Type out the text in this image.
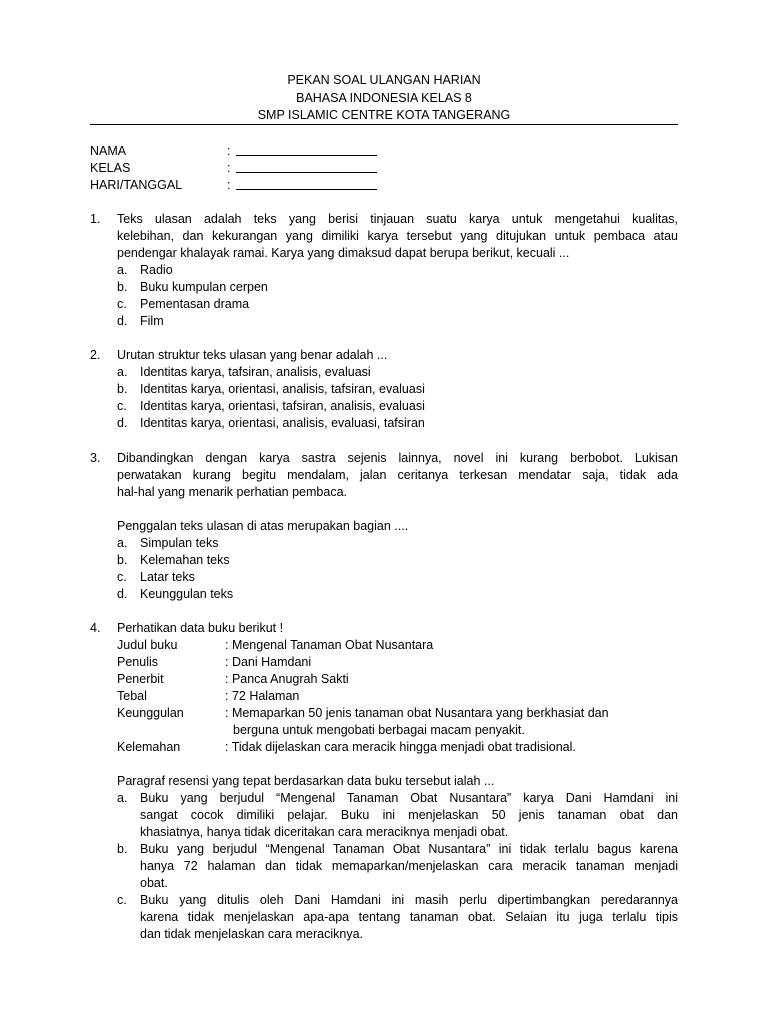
PEKAN SOAL ULANGAN HARIAN
BAHASA INDONESIA KELAS 8
SMP ISLAMIC CENTRE KOTA TANGERANG
NAMA	:
KELAS	:
HARI/TANGGAL	:
1. Teks ulasan adalah teks yang berisi tinjauan suatu karya untuk mengetahui kualitas,
kelebihan, dan kekurangan yang dimiliki karya tersebut yang ditujukan untuk pembaca atau
pendengar khalayak ramai. Karya yang dimaksud dapat berupa berikut, kecuali ...
a. Radio
b. Buku kumpulan cerpen
c. Pementasan drama
d. Film
2. Urutan struktur teks ulasan yang benar adalah ...
a. Identitas karya, tafsiran, analisis, evaluasi
b. Identitas karya, orientasi, analisis, tafsiran, evaluasi
c. Identitas karya, orientasi, tafsiran, analisis, evaluasi
d. Identitas karya, orientasi, analisis, evaluasi, tafsiran
3. Dibandingkan dengan karya sastra sejenis lainnya, novel ini kurang berbobot. Lukisan
perwatakan kurang begitu mendalam, jalan ceritanya terkesan mendatar saja, tidak ada
hal-hal yang menarik perhatian pembaca.
Penggalan teks ulasan di atas merupakan bagian ....
a. Simpulan teks
b. Kelemahan teks
c. Latar teks
d. Keunggulan teks
4. Perhatikan data buku berikut !
Judul buku	: Mengenal Tanaman Obat Nusantara
Penulis	: Dani Hamdani
Penerbit	: Panca Anugrah Sakti
Tebal	: 72 Halaman
Keunggulan	: Memaparkan 50 jenis tanaman obat Nusantara yang berkhasiat dan
berguna untuk mengobati berbagai macam penyakit.
Kelemahan	: Tidak dijelaskan cara meracik hingga menjadi obat tradisional.
Paragraf resensi yang tepat berdasarkan data buku tersebut ialah ...
a. Buku yang berjudul “Mengenal Tanaman Obat Nusantara” karya Dani Hamdani ini
sangat cocok dimiliki pelajar. Buku ini menjelaskan 50 jenis tanaman obat dan
khasiatnya, hanya tidak diceritakan cara meraciknya menjadi obat.
b. Buku yang berjudul “Mengenal Tanaman Obat Nusantara” ini tidak terlalu bagus karena
hanya 72 halaman dan tidak memaparkan/menjelaskan cara meracik tanaman menjadi
obat.
c. Buku yang ditulis oleh Dani Hamdani ini masih perlu dipertimbangkan peredarannya
karena tidak menjelaskan apa-apa tentang tanaman obat. Selaian itu juga terlalu tipis
dan tidak menjelaskan cara meraciknya.
